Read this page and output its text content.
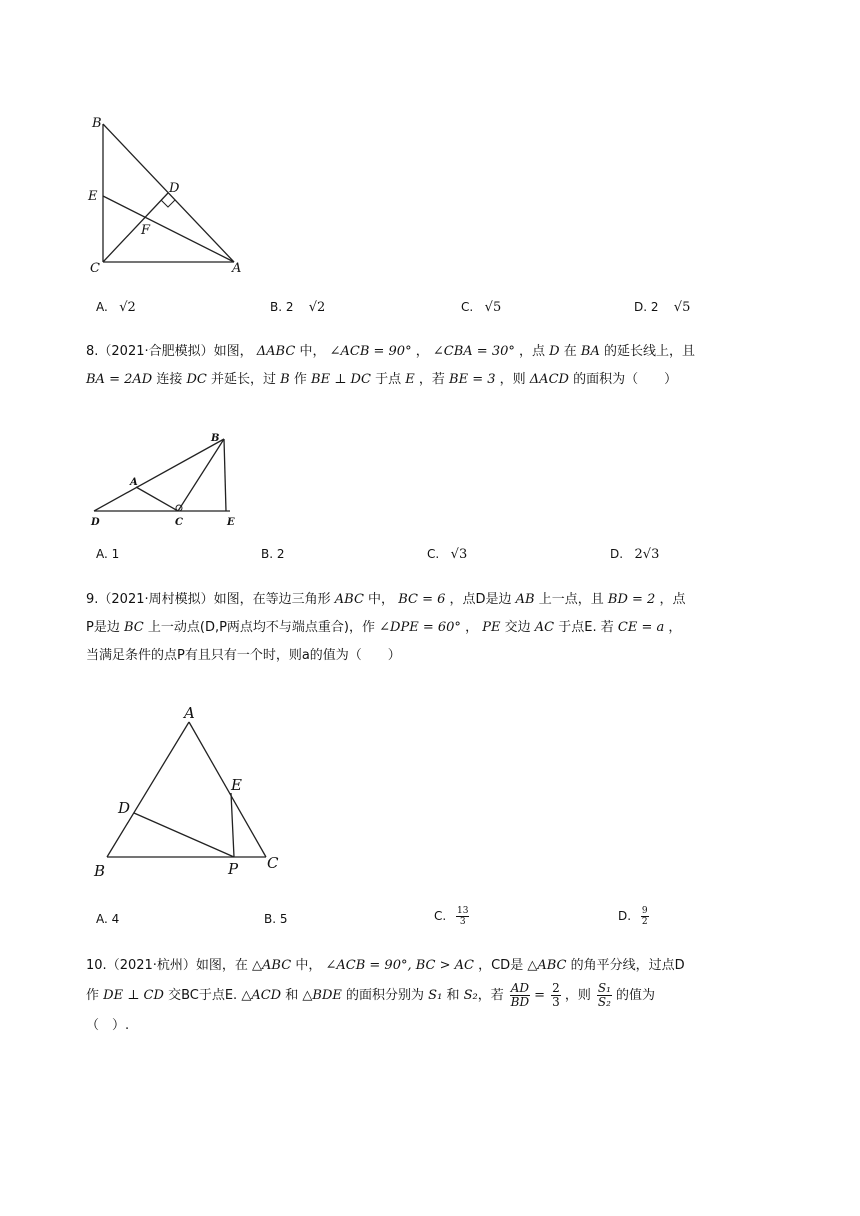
B
E
D
F
C	A
A. √2	B. 2 √2	C. √5	D. 2 √5
8.（2021·合肥模拟）如图， ΔABC 中， ∠ACB = 90° ， ∠CBA = 30° ，点 D 在 BA 的延长线上，且
BA = 2AD 连接 DC 并延长，过 B 作 BE ⊥ DC 于点 E ，若 BE = 3 ，则 ΔACD 的面积为（　　）
B
A
D	C	E
A. 1	B. 2	C. √3	D. 2√3
9.（2021·周村模拟）如图，在等边三角形 ABC 中， BC = 6 ，点D是边 AB 上一点，且 BD = 2 ，点
P是边 BC 上一动点(D,P两点均不与端点重合)，作 ∠DPE = 60° ， PE 交边 AC 于点E. 若 CE = a ，
当满足条件的点P有且只有一个时，则a的值为（　　）
A
E
D
B	P C
A. 4	B. 5	C. $\frac{13}{3}$	D. $\frac{9}{2}$
10.（2021·杭州）如图，在 △ABC 中， ∠ACB = 90°, BC > AC ，CD是 △ABC 的角平分线，过点D
作 DE ⊥ CD 交BC于点E. △ACD 和 △BDE 的面积分别为 S₁ 和 S₂，若 $\frac{AD}{BD} = \frac{2}{3}$ ，则 $\frac{\text{S₁}}{\text{S₂}}$ 的值为
（　）.
